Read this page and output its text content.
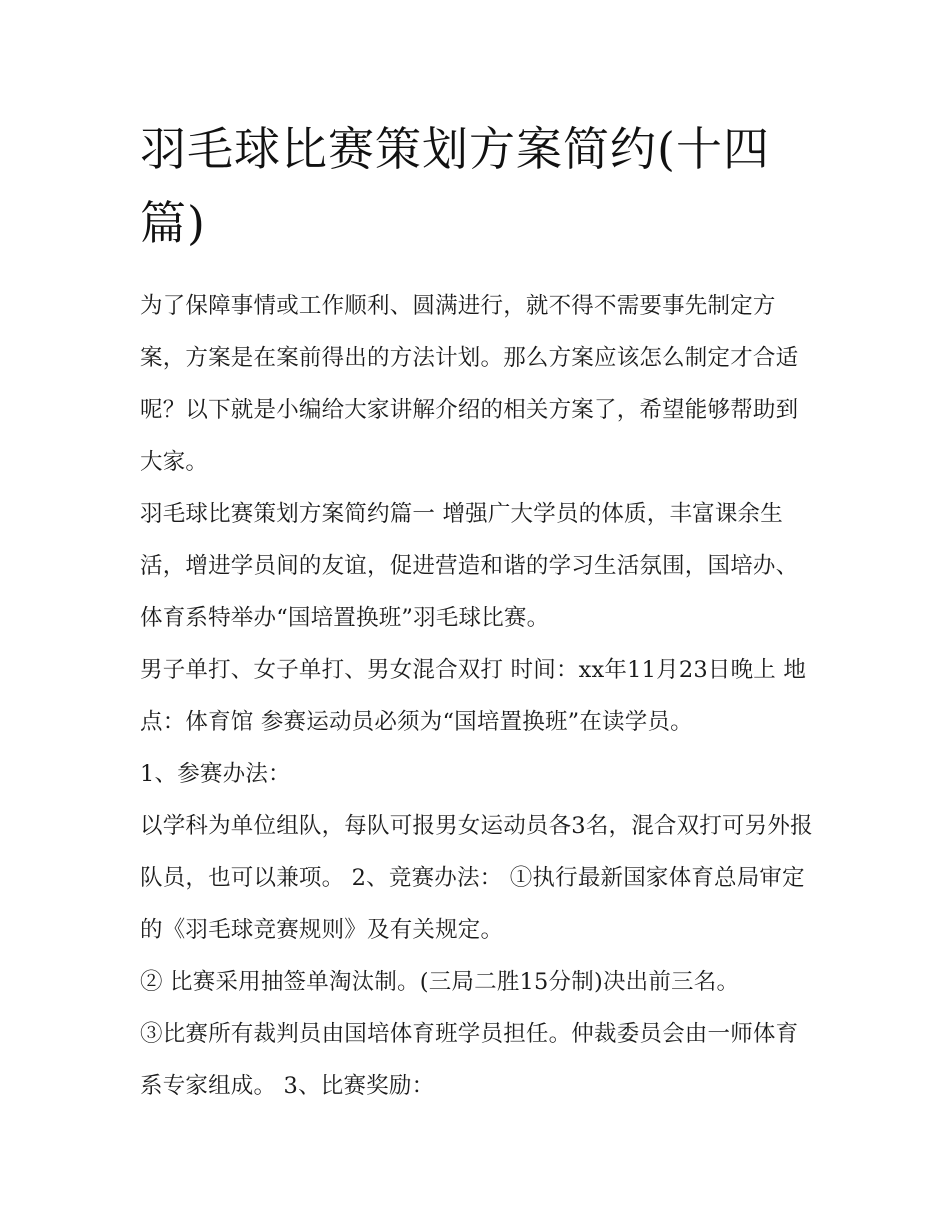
羽毛球比赛策划方案简约(十四篇)

为了保障事情或工作顺利、圆满进行，就不得不需要事先制定方案，方案是在案前得出的方法计划。那么方案应该怎么制定才合适呢？以下就是小编给大家讲解介绍的相关方案了，希望能够帮助到大家。

羽毛球比赛策划方案简约篇一 增强广大学员的体质，丰富课余生活，增进学员间的友谊，促进营造和谐的学习生活氛围，国培办、体育系特举办“国培置换班”羽毛球比赛。

男子单打、女子单打、男女混合双打 时间：xx年11月23日晚上 地点：体育馆 参赛运动员必须为“国培置换班”在读学员。

1、参赛办法：

以学科为单位组队，每队可报男女运动员各3名，混合双打可另外报队员，也可以兼项。 2、竞赛办法： ①执行最新国家体育总局审定的《羽毛球竞赛规则》及有关规定。

② 比赛采用抽签单淘汰制。(三局二胜15分制)决出前三名。

③比赛所有裁判员由国培体育班学员担任。仲裁委员会由一师体育系专家组成。 3、比赛奖励：
